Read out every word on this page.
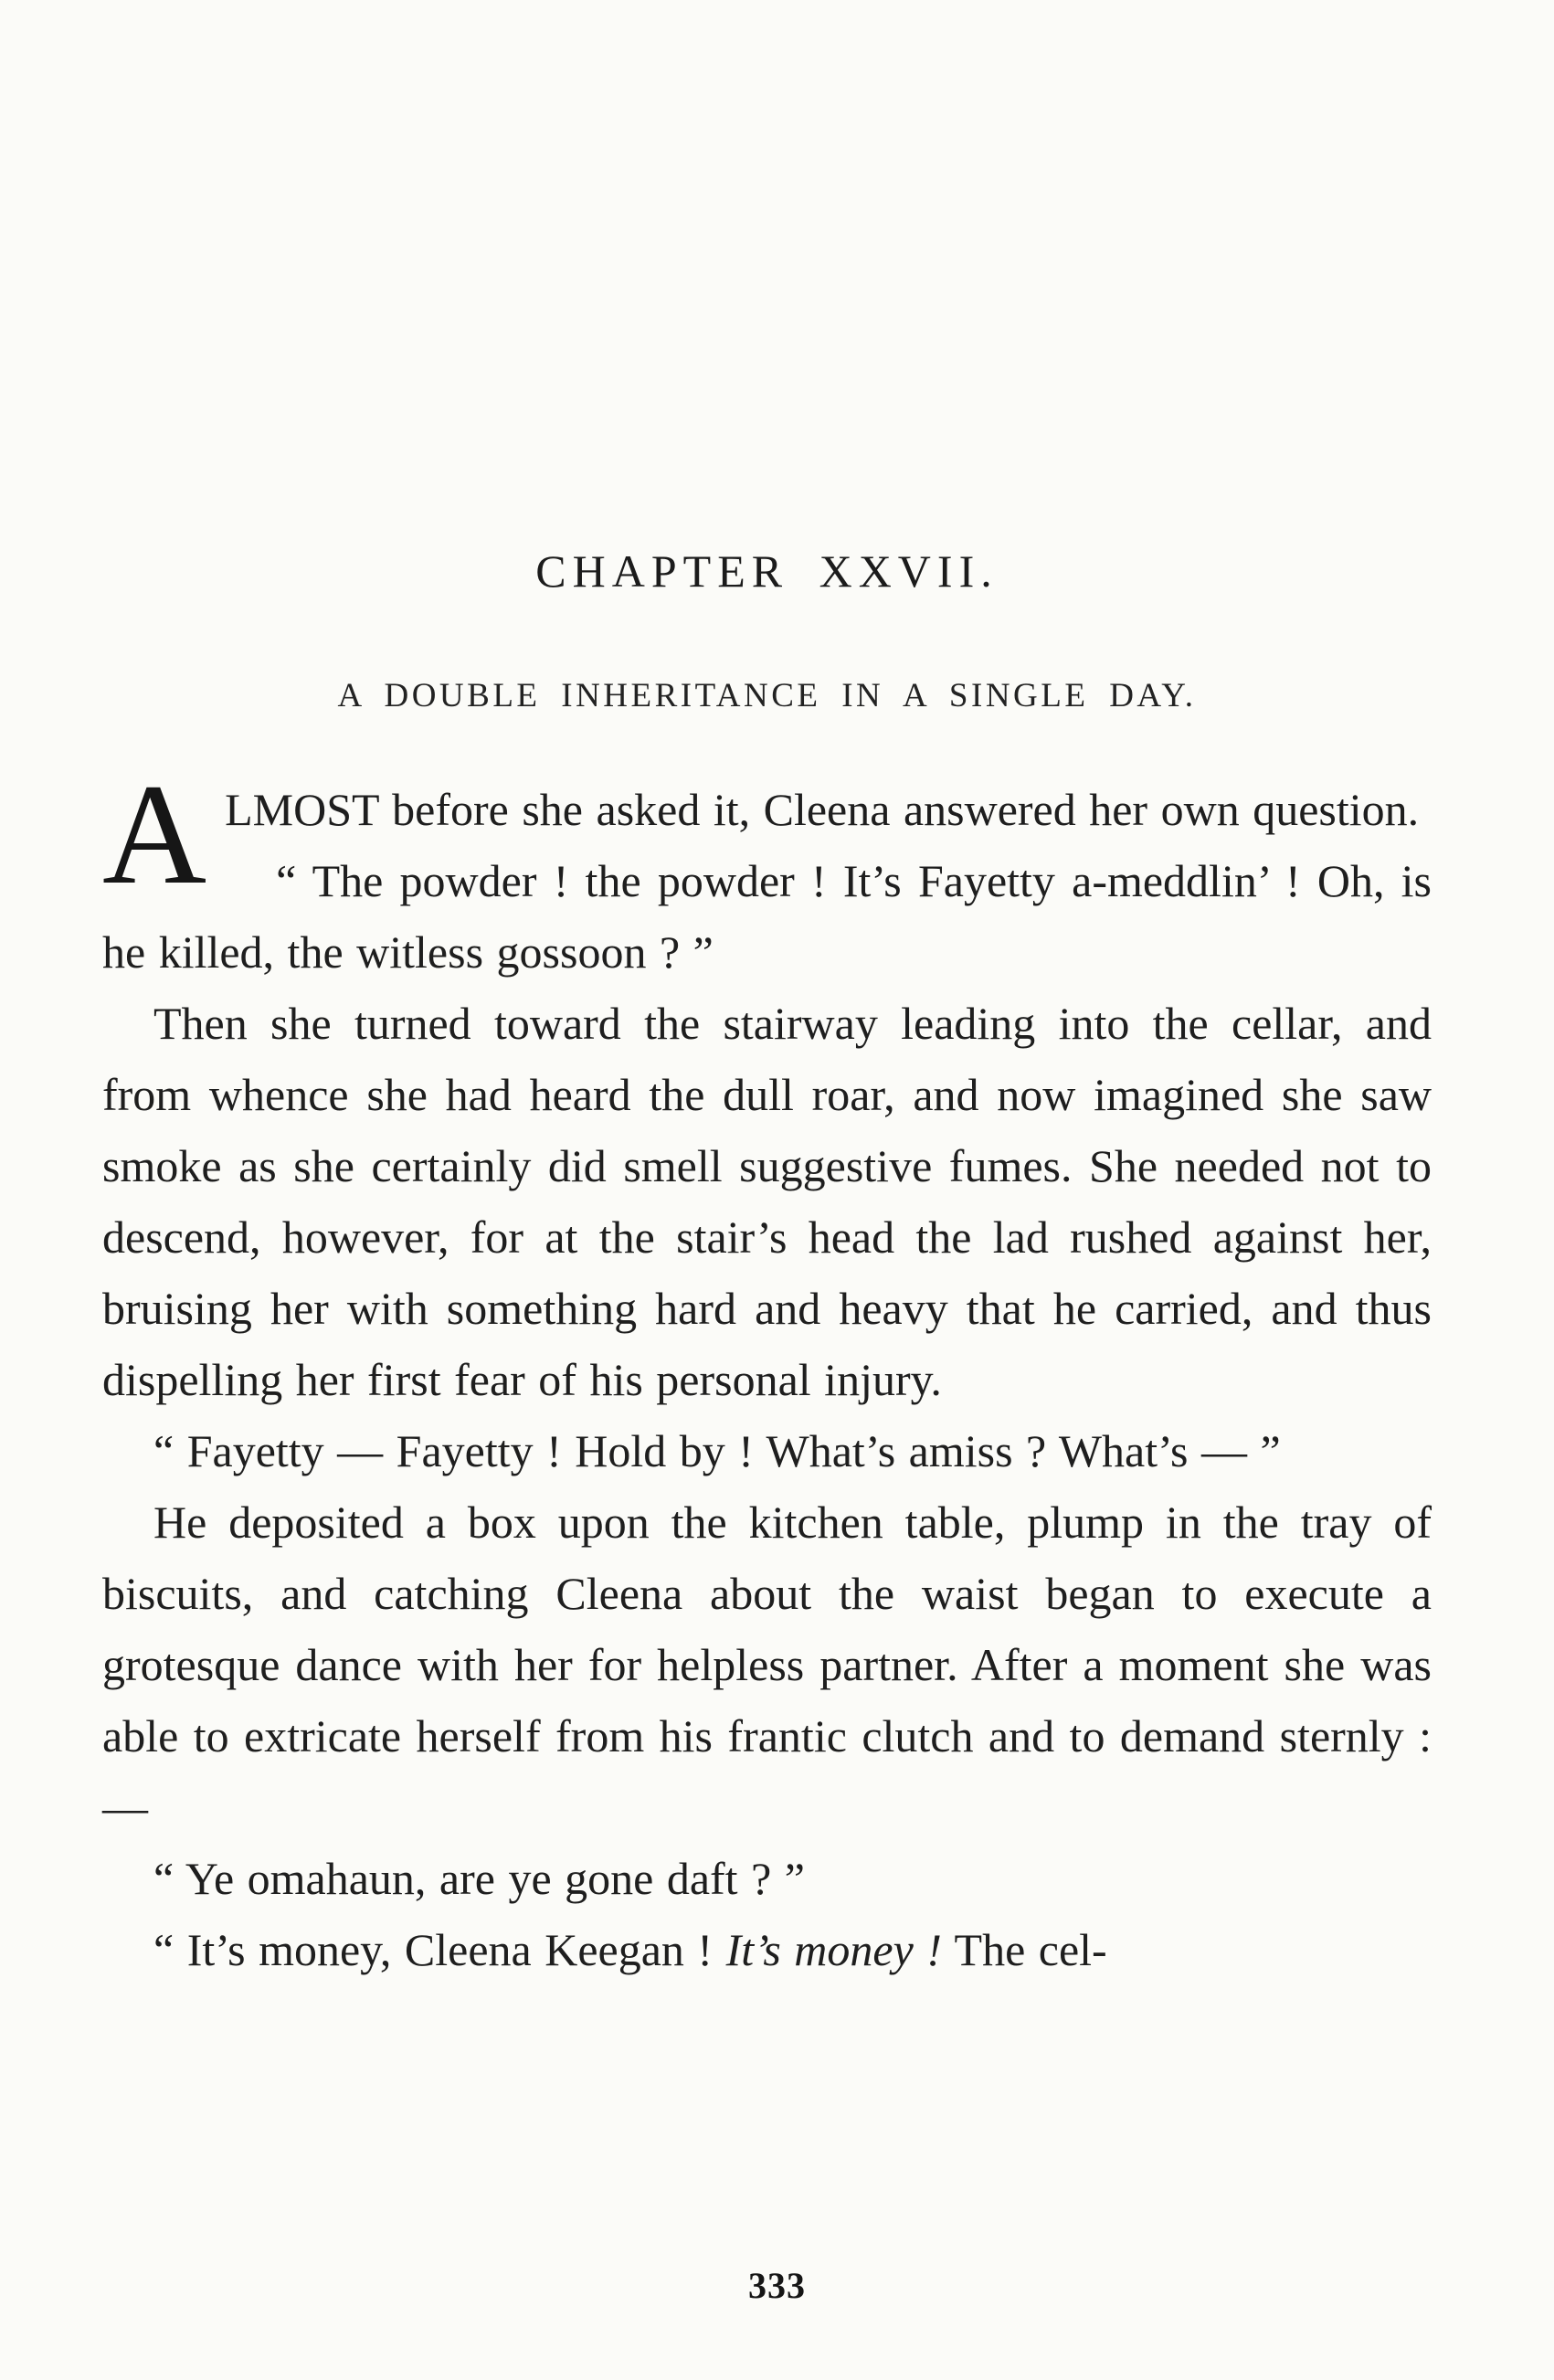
CHAPTER XXVII.
A DOUBLE INHERITANCE IN A SINGLE DAY.

ALMOST before she asked it, Cleena answered her own question.

“ The powder ! the powder ! It’s Fayetty a-meddlin’ ! Oh, is he killed, the witless gossoon ? ”

Then she turned toward the stairway leading into the cellar, and from whence she had heard the dull roar, and now imagined she saw smoke as she certainly did smell suggestive fumes. She needed not to descend, however, for at the stair’s head the lad rushed against her, bruising her with something hard and heavy that he carried, and thus dispelling her first fear of his personal injury.

“ Fayetty — Fayetty ! Hold by ! What’s amiss ? What’s — ”

He deposited a box upon the kitchen table, plump in the tray of biscuits, and catching Cleena about the waist began to execute a grotesque dance with her for helpless partner. After a moment she was able to extricate herself from his frantic clutch and to demand sternly : —

“ Ye omahaun, are ye gone daft ? ”

“ It’s money, Cleena Keegan ! It’s money ! The cel-

333
